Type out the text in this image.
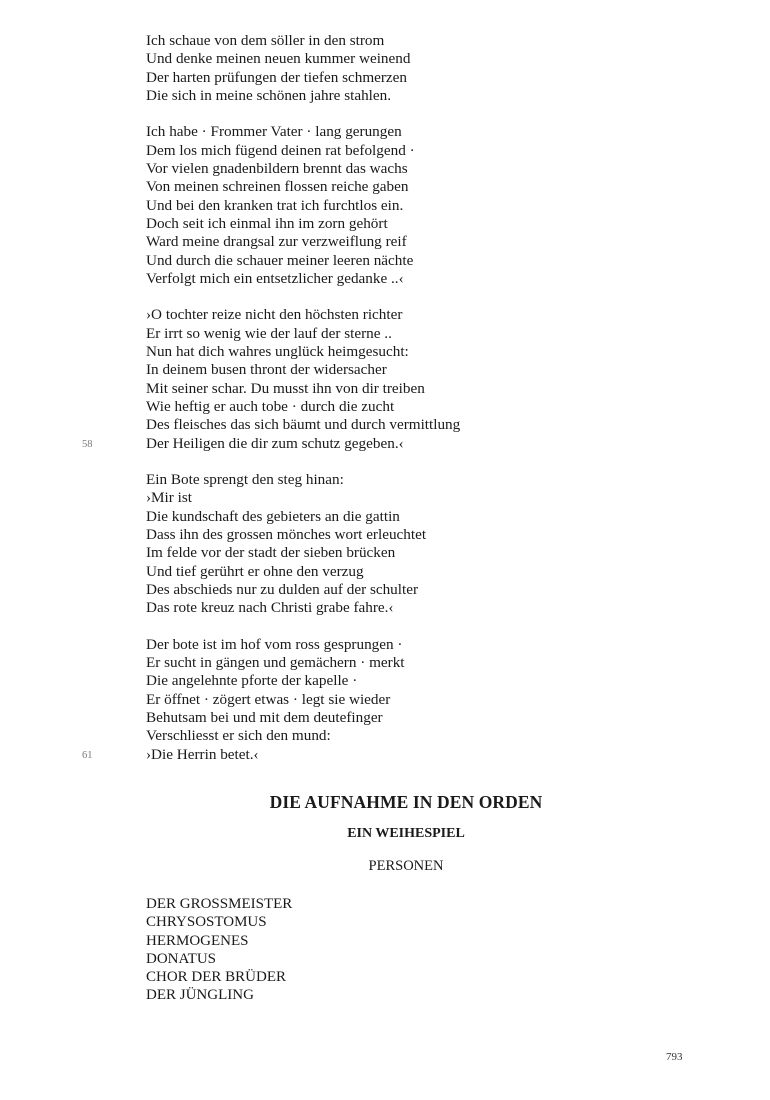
Ich schaue von dem söller in den strom
Und denke meinen neuen kummer weinend
Der harten prüfungen der tiefen schmerzen
Die sich in meine schönen jahre stahlen.
Ich habe · Frommer Vater · lang gerungen
Dem los mich fügend deinen rat befolgend ·
Vor vielen gnadenbildern brennt das wachs
Von meinen schreinen flossen reiche gaben
Und bei den kranken trat ich furchtlos ein.
Doch seit ich einmal ihn im zorn gehört
Ward meine drangsal zur verzweiflung reif
Und durch die schauer meiner leeren nächte
Verfolgt mich ein entsetzlicher gedanke ..‹
›O tochter reize nicht den höchsten richter
Er irrt so wenig wie der lauf der sterne ..
Nun hat dich wahres unglück heimgesucht:
In deinem busen thront der widersacher
Mit seiner schar. Du musst ihn von dir treiben
Wie heftig er auch tobe · durch die zucht
Des fleisches das sich bäumt und durch vermittlung
58	Der Heiligen die dir zum schutz gegeben.‹
Ein Bote sprengt den steg hinan:
›Mir ist
Die kundschaft des gebieters an die gattin
Dass ihn des grossen mönches wort erleuchtet
Im felde vor der stadt der sieben brücken
Und tief gerührt er ohne den verzug
Des abschieds nur zu dulden auf der schulter
Das rote kreuz nach Christi grabe fahre.‹
Der bote ist im hof vom ross gesprungen ·
Er sucht in gängen und gemächern · merkt
Die angelehnte pforte der kapelle ·
Er öffnet · zögert etwas · legt sie wieder
Behutsam bei und mit dem deutefinger
Verschliesst er sich den mund:
61	›Die Herrin betet.‹
DIE AUFNAHME IN DEN ORDEN
EIN WEIHESPIEL
PERSONEN
DER GROSSMEISTER
CHRYSOSTOMUS
HERMOGENES
DONATUS
CHOR DER BRÜDER
DER JÜNGLING
793
